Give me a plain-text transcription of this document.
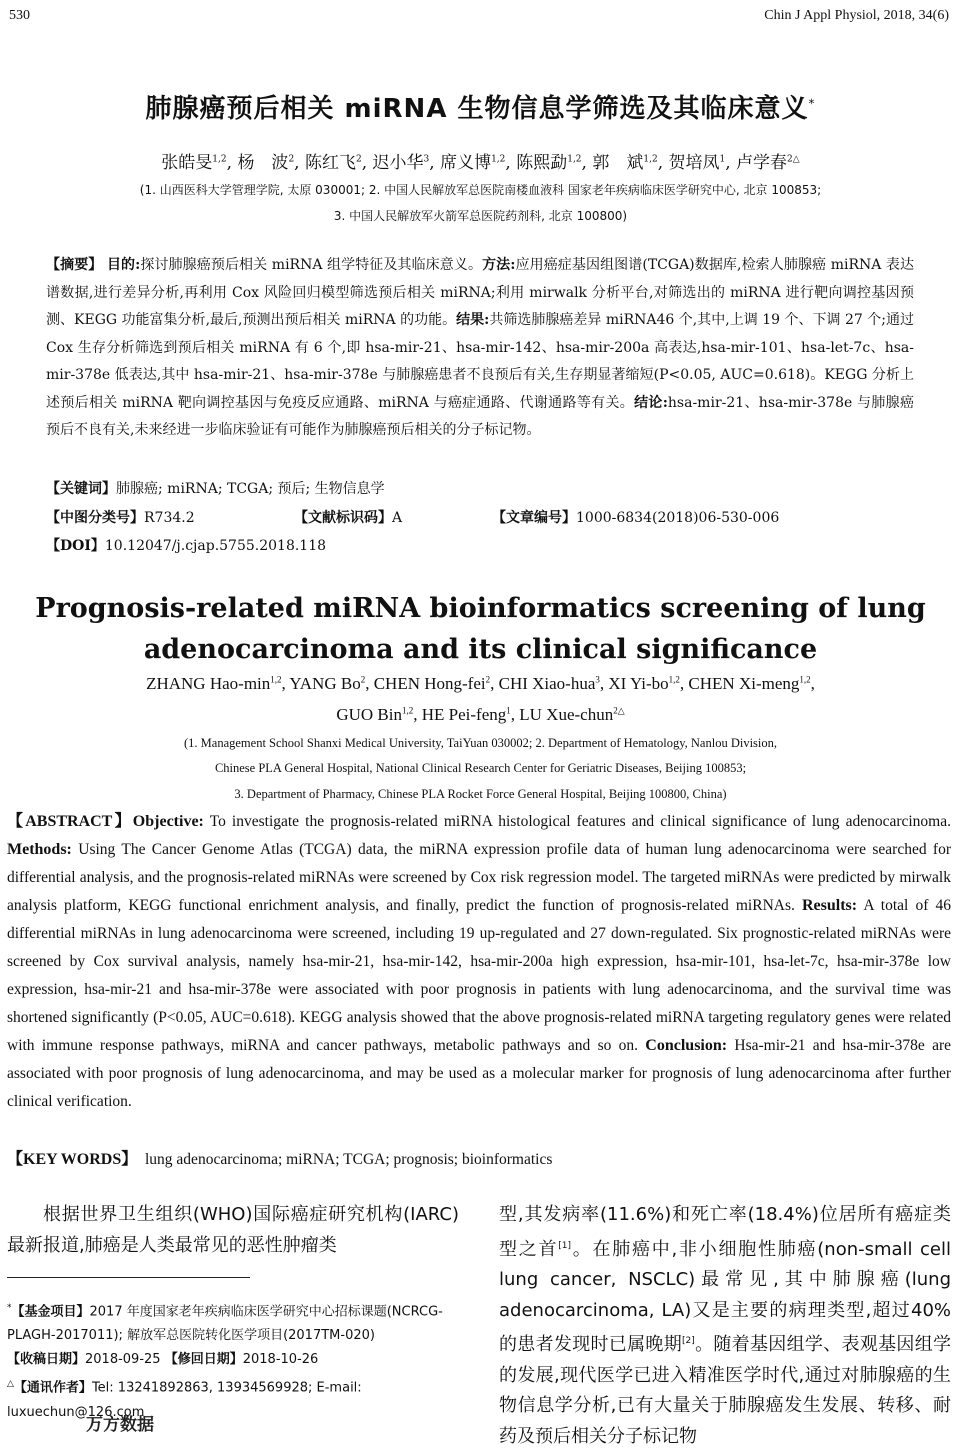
530	Chin J Appl Physiol, 2018, 34(6)
肺腺癌预后相关 miRNA 生物信息学筛选及其临床意义*
张皓旻$^{1,2}$, 杨　波$^2$, 陈红飞$^2$, 迟小华$^3$, 席义博$^{1,2}$, 陈熙勐$^{1,2}$, 郭　斌$^{1,2}$, 贺培凤$^1$, 卢学春$^{2\triangle}$
(1. 山西医科大学管理学院, 太原 030001; 2. 中国人民解放军总医院南楼血液科 国家老年疾病临床医学研究中心, 北京 100853;
3. 中国人民解放军火箭军总医院药剂科, 北京 100800)
【摘要】 目的:探讨肺腺癌预后相关 miRNA 组学特征及其临床意义。方法:应用癌症基因组图谱(TCGA)数据库,检索人肺腺癌 miRNA 表达谱数据,进行差异分析,再利用 Cox 风险回归模型筛选预后相关 miRNA;利用 mirwalk 分析平台,对筛选出的 miRNA 进行靶向调控基因预测、KEGG 功能富集分析,最后,预测出预后相关 miRNA 的功能。结果:共筛选肺腺癌差异 miRNA46 个,其中,上调 19 个、下调 27 个;通过 Cox 生存分析筛选到预后相关 miRNA 有 6 个,即 hsa-mir-21、hsa-mir-142、hsa-mir-200a 高表达,hsa-mir-101、hsa-let-7c、hsa-mir-378e 低表达,其中 hsa-mir-21、hsa-mir-378e 与肺腺癌患者不良预后有关,生存期显著缩短(P<0.05, AUC=0.618)。KEGG 分析上述预后相关 miRNA 靶向调控基因与免疫反应通路、miRNA 与癌症通路、代谢通路等有关。结论:hsa-mir-21、hsa-mir-378e 与肺腺癌预后不良有关,未来经进一步临床验证有可能作为肺腺癌预后相关的分子标记物。
【关键词】肺腺癌; miRNA; TCGA; 预后; 生物信息学
【中图分类号】R734.2	【文献标识码】A	【文章编号】1000-6834(2018)06-530-006
【DOI】10.12047/j.cjap.5755.2018.118
Prognosis-related miRNA bioinformatics screening of lung
adenocarcinoma and its clinical significance
ZHANG Hao-$\min^{1,2}$, YANG Bo$^2$, CHEN Hong-fei$^2$, CHI Xiao-hua$^3$, XI Yi-bo$^{1,2}$, CHEN Xi-meng$^{1,2}$,
GUO Bin$^{1,2}$, HE Pei-feng$^1$, LU Xue-chun$^{2\triangle}$
(1. Management School Shanxi Medical University, TaiYuan 030002; 2. Department of Hematology, Nanlou Division,
Chinese PLA General Hospital, National Clinical Research Center for Geriatric Diseases, Beijing 100853;
3. Department of Pharmacy, Chinese PLA Rocket Force General Hospital, Beijing 100800, China)
【ABSTRACT】Objective: To investigate the prognosis-related miRNA histological features and clinical significance of lung adenocarcinoma. Methods: Using The Cancer Genome Atlas (TCGA) data, the miRNA expression profile data of human lung adenocarcinoma were searched for differential analysis, and the prognosis-related miRNAs were screened by Cox risk regression model. The targeted miRNAs were predicted by mirwalk analysis platform, KEGG functional enrichment analysis, and finally, predict the function of prognosis-related miRNAs. Results: A total of 46 differential miRNAs in lung adenocarcinoma were screened, including 19 up-regulated and 27 down-regulated. Six prognostic-related miRNAs were screened by Cox survival analysis, namely hsa-mir-21, hsa-mir-142, hsa-mir-200a high expression, hsa-mir-101, hsa-let-7c, hsa-mir-378e low expression, hsa-mir-21 and hsa-mir-378e were associated with poor prognosis in patients with lung adenocarcinoma, and the survival time was shortened significantly (P<0.05, AUC=0.618). KEGG analysis showed that the above prognosis-related miRNA targeting regulatory genes were related with immune response pathways, miRNA and cancer pathways, metabolic pathways and so on. Conclusion: Hsa-mir-21 and hsa-mir-378e are associated with poor prognosis of lung adenocarcinoma, and may be used as a molecular marker for prognosis of lung adenocarcinoma after further clinical verification.
【KEY WORDS】 lung adenocarcinoma; miRNA; TCGA; prognosis; bioinformatics
根据世界卫生组织(WHO)国际癌症研究机构(IARC)最新报道,肺癌是人类最常见的恶性肿瘤类
*【基金项目】2017 年度国家老年疾病临床医学研究中心招标课题(NCRCG-PLAGH-2017011); 解放军总医院转化医学项目(2017TM-020)
【收稿日期】2018-09-25 【修回日期】2018-10-26
△【通讯作者】Tel: 13241892863, 13934569928; E-mail: luxuechun@126.com
万方数据
型,其发病率(11.6%)和死亡率(18.4%)位居所有癌症类型之首[1]。在肺癌中,非小细胞性肺癌(non-small cell lung cancer, NSCLC)最常见,其中肺腺癌(lung adenocarcinoma, LA)又是主要的病理类型,超过40%的患者发现时已属晚期[2]。随着基因组学、表观基因组学的发展,现代医学已进入精准医学时代,通过对肺腺癌的生物信息学分析,已有大量关于肺腺癌发生发展、转移、耐药及预后相关分子标记物
